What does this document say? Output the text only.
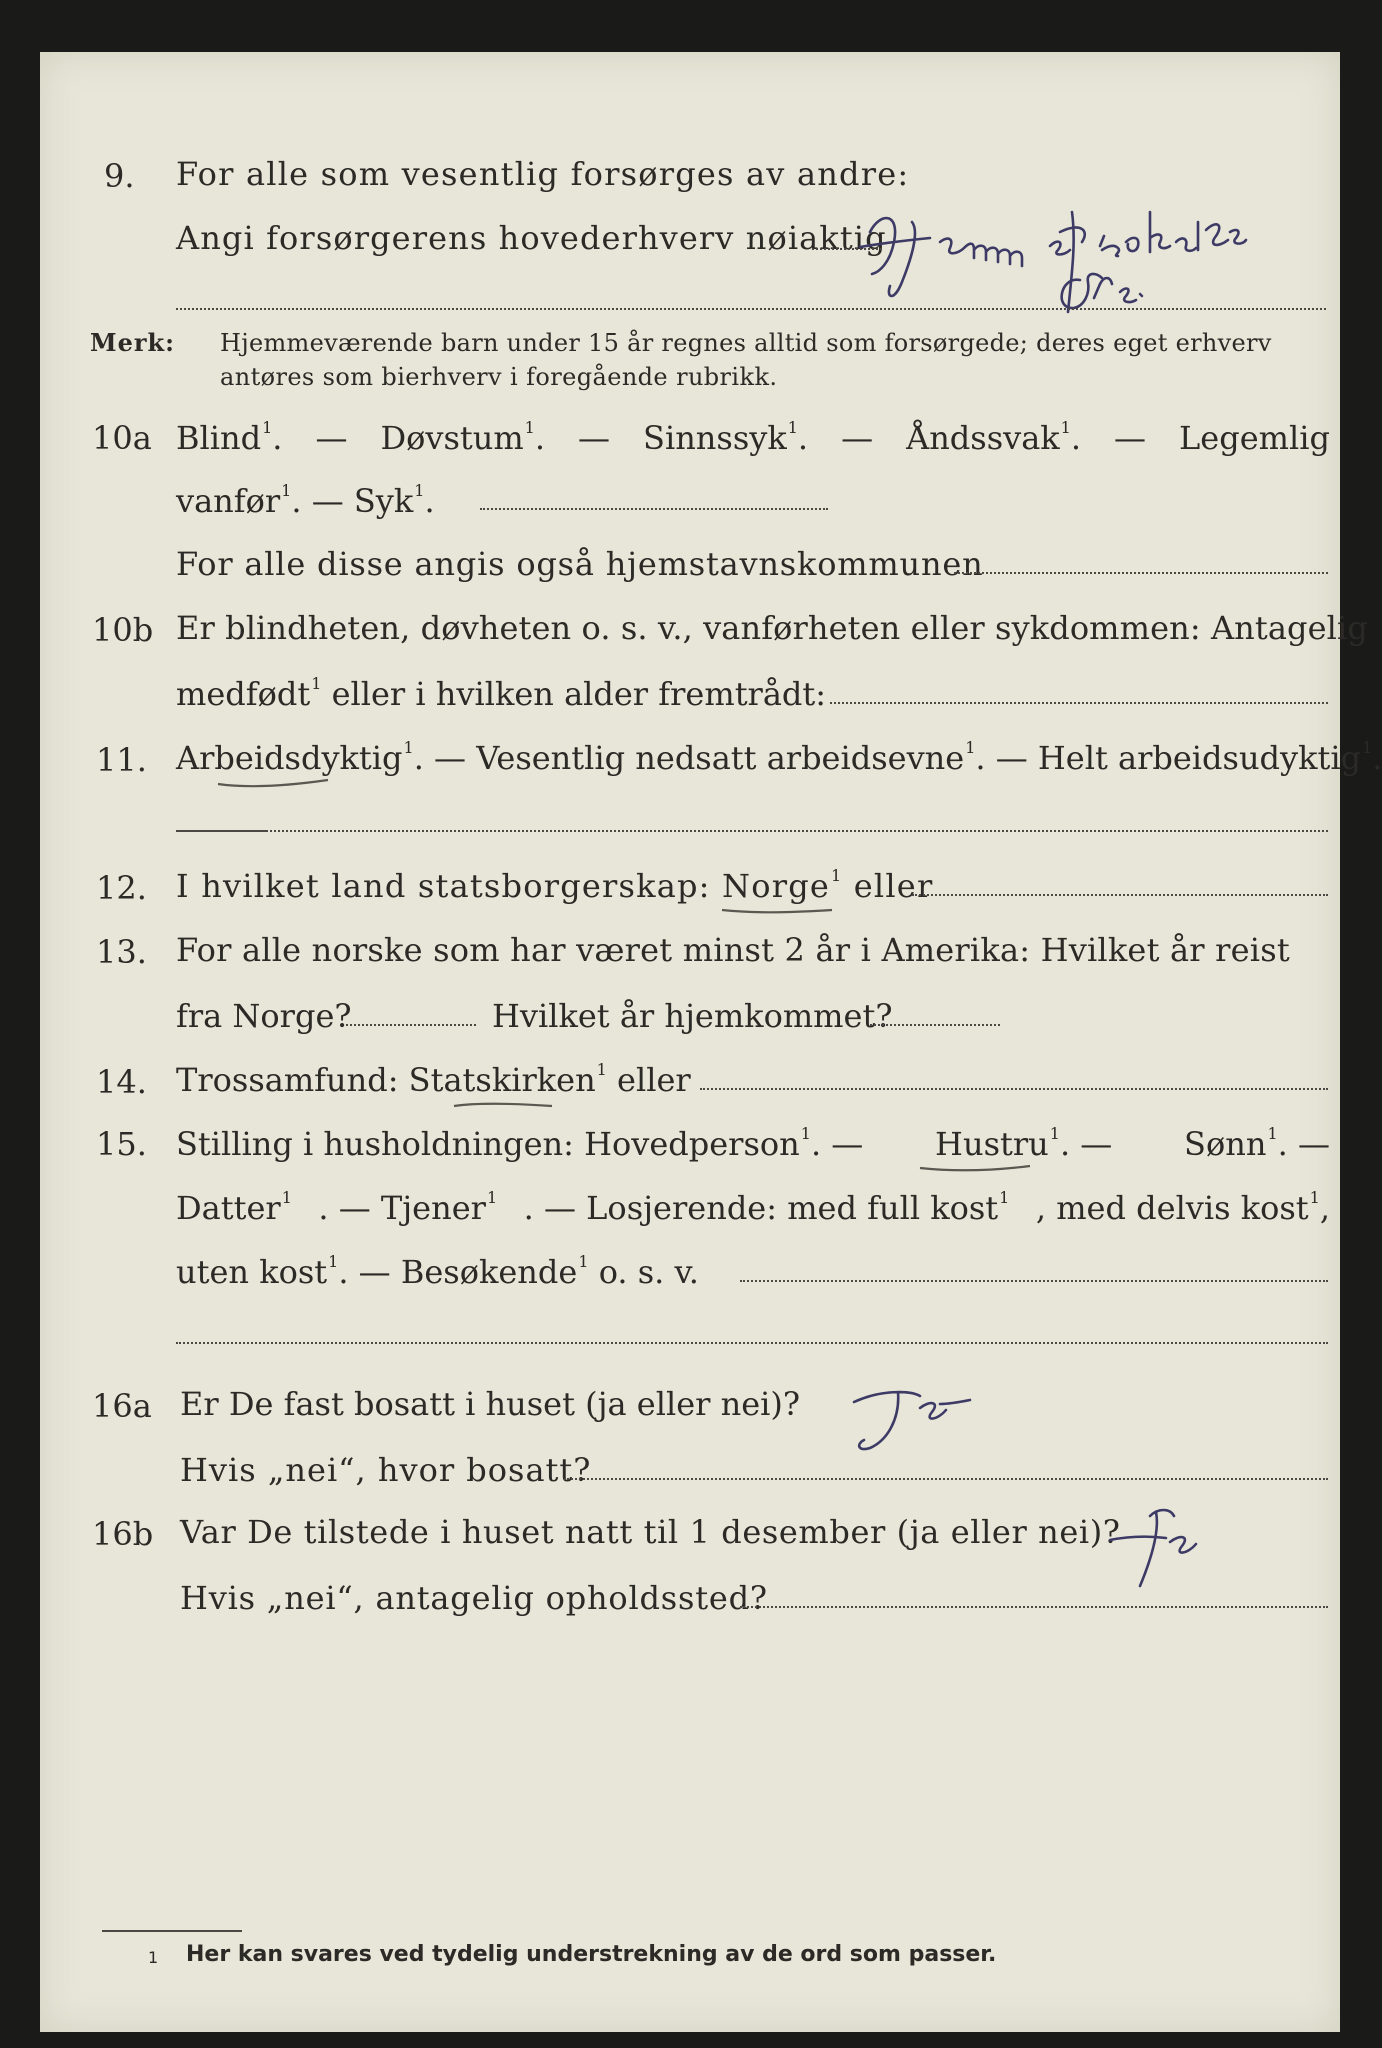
9. For alle som vesentlig forsørges av andre:
Angi forsørgerens hovederhverv nøiaktig
Merk: Hjemmeværende barn under 15 år regnes alltid som forsørgede; deres eget erhverv
antøres som bierhverv i foregående rubrikk.
10a Blind$^1$. — Døvstum$^1$. — Sinnssyk$^1$. — Åndssvak$^1$. — Legemlig
vanfør$^1$. — Syk$^1$.
For alle disse angis også hjemstavnskommunen
10b Er blindheten, døvheten o. s. v., vanførheten eller sykdommen: Antagelig
medfødt$^1$ eller i hvilken alder fremtrådt:
11. Arbeidsdyktig$^1$. — Vesentlig nedsatt arbeidsevne$^1$. — Helt arbeidsudyktig$^1$.
12. I hvilket land statsborgerskap: Norge$^1$ eller
13. For alle norske som har været minst 2 år i Amerika: Hvilket år reist
fra Norge?	Hvilket år hjemkommet?
14. Trossamfund: Statskirken$^1$ eller
15. Stilling i husholdningen: Hovedperson$^1$. — Hustru$^1$. — Sønn$^1$. —
Datter$^1$ . — Tjener$^1$ . — Losjerende: med full kost$^1$ , med delvis kost$^1$,
uten kost$^1$. — Besøkende$^1$ o. s. v.
16a Er De fast bosatt i huset (ja eller nei)?
Hvis „nei“, hvor bosatt?
16b Var De tilstede i huset natt til 1 desember (ja eller nei)?
Hvis „nei“, antagelig opholdssted?
1 Her kan svares ved tydelig understrekning av de ord som passer.
